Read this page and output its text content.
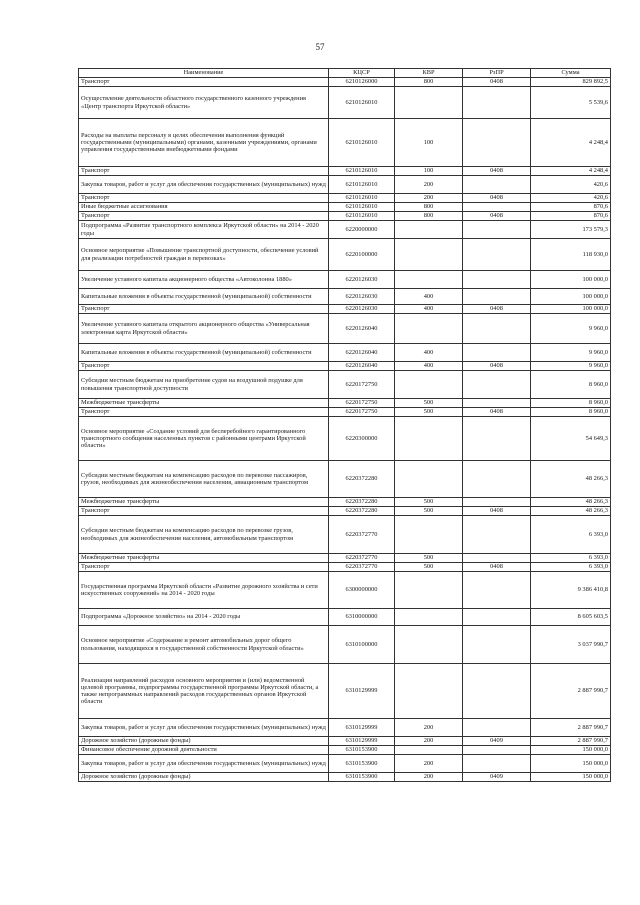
57
Наименование	КЦСР	КВР	РзПР	Сумма
Транспорт	6210126000	800	0408	829 892,5
Осуществление деятельности областного государственного казенного учреждения «Центр транспорта Иркутской области»	6210126010			5 539,6
Расходы на выплаты персоналу в целях обеспечения выполнения функций государственными (муниципальными) органами, казенными учреждениями, органами управления государственными внебюджетными фондами	6210126010	100		4 248,4
Транспорт	6210126010	100	0408	4 248,4
Закупка товаров, работ и услуг для обеспечения государственных (муниципальных) нужд	6210126010	200		420,6
Транспорт	6210126010	200	0408	420,6
Иные бюджетные ассигнования	6210126010	800		870,6
Транспорт	6210126010	800	0408	870,6
Подпрограмма «Развитие транспортного комплекса Иркутской области» на 2014 - 2020 годы	6220000000			173 579,3
Основное мероприятие «Повышение транспортной доступности, обеспечение условий для реализации потребностей граждан в перевозках»	6220100000			118 930,0
Увеличение уставного капитала акционерного общества «Автоколонна 1880»	6220126030			100 000,0
Капитальные вложения в объекты государственной (муниципальной) собственности	6220126030	400		100 000,0
Транспорт	6220126030	400	0408	100 000,0
Увеличение уставного капитала открытого акционерного общества «Универсальная электронная карта Иркутской области»	6220126040			9 960,0
Капитальные вложения в объекты государственной (муниципальной) собственности	6220126040	400		9 960,0
Транспорт	6220126040	400	0408	9 960,0
Субсидии местным бюджетам на приобретение судов на воздушной подушке для повышения транспортной доступности	6220172750			8 960,0
Межбюджетные трансферты	6220172750	500		8 960,0
Транспорт	6220172750	500	0408	8 960,0
Основное мероприятие «Создание условий для бесперебойного гарантированного транспортного сообщения населенных пунктов с районными центрами Иркутской области»	6220300000			54 649,3
Субсидии местным бюджетам на компенсацию расходов по перевозке пассажиров, грузов, необходимых для жизнеобеспечения населения, авиационным транспортом	6220372280			48 266,3
Межбюджетные трансферты	6220372280	500		48 266,3
Транспорт	6220372280	500	0408	48 266,3
Субсидии местным бюджетам на компенсацию расходов по перевозке грузов, необходимых для жизнеобеспечения населения, автомобильным транспортом	6220372770			6 393,0
Межбюджетные трансферты	6220372770	500		6 393,0
Транспорт	6220372770	500	0408	6 393,0
Государственная программа Иркутской области «Развитие дорожного хозяйства и сети искусственных сооружений» на 2014 - 2020 годы	6300000000			9 386 410,8
Подпрограмма «Дорожное хозяйство» на 2014 - 2020 годы	6310000000			8 605 603,5
Основное мероприятие «Содержание и ремонт автомобильных дорог общего пользования, находящихся в государственной собственности Иркутской области»	6310100000			3 037 990,7
Реализация направлений расходов основного мероприятия и (или) ведомственной целевой программы, подпрограммы государственной программы Иркутской области, а также непрограммных направлений расходов государственных органов Иркутской области	6310129999			2 887 990,7
Закупка товаров, работ и услуг для обеспечения государственных (муниципальных) нужд	6310129999	200		2 887 990,7
Дорожное хозяйство (дорожные фонды)	6310129999	200	0409	2 887 990,7
Финансовое обеспечение дорожной деятельности	6310153900			150 000,0
Закупка товаров, работ и услуг для обеспечения государственных (муниципальных) нужд	6310153900	200		150 000,0
Дорожное хозяйство (дорожные фонды)	6310153900	200	0409	150 000,0
